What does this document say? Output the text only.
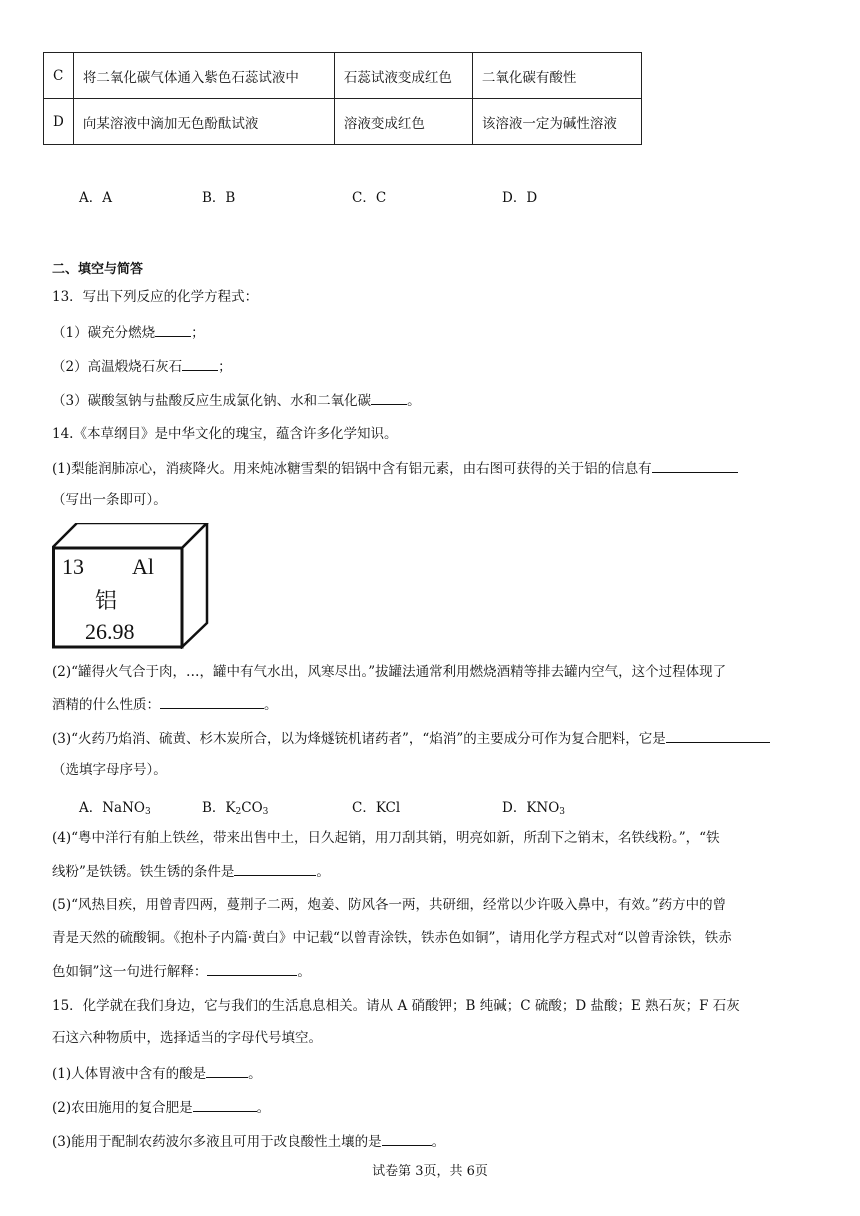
C	将二氧化碳气体通入紫色石蕊试液中	石蕊试液变成红色	二氧化碳有酸性
D	向某溶液中滴加无色酚酞试液	溶液变成红色	该溶液一定为碱性溶液
A．A	B．B	C．C	D．D
二、填空与简答
13．写出下列反应的化学方程式：
（1）碳充分燃烧	；
（2）高温煅烧石灰石	；
（3）碳酸氢钠与盐酸反应生成氯化钠、水和二氧化碳	。
14.《本草纲目》是中华文化的瑰宝，蕴含许多化学知识。
(1)梨能润肺凉心，消痰降火。用来炖冰糖雪梨的铝锅中含有铝元素，由右图可获得的关于铝的信息有
（写出一条即可）。
13 Al
铝
26.98
(2)“罐得火气合于肉，…，罐中有气水出，风寒尽出。”拔罐法通常利用燃烧酒精等排去罐内空气，这个过程体现了
酒精的什么性质：	。
(3)“火药乃焰消、硫黄、杉木炭所合，以为烽燧铳机诸药者”，“焰消”的主要成分可作为复合肥料，它是
（选填字母序号）。
A．NaNO$_3$	B．$K_2CO_3$	C．KCl	D．$KNO_3$
(4)“粤中洋行有舶上铁丝，带来出售中土，日久起销，用刀刮其销，明亮如新，所刮下之销末，名铁线粉。”，“铁
线粉”是铁锈。铁生锈的条件是	。
(5)“风热目疾，用曾青四两，蔓荆子二两，炮姜、防风各一两，共研细，经常以少许吸入鼻中，有效。”药方中的曾
青是天然的硫酸铜。《抱朴子内篇·黄白》中记载“以曾青涂铁，铁赤色如铜”，请用化学方程式对“以曾青涂铁，铁赤
色如铜”这一句进行解释：	。
15．化学就在我们身边，它与我们的生活息息相关。请从 A 硝酸钾；B 纯碱；C 硫酸；D 盐酸；E 熟石灰；F 石灰
石这六种物质中，选择适当的字母代号填空。
(1)人体胃液中含有的酸是	。
(2)农田施用的复合肥是	。
(3)能用于配制农药波尔多液且可用于改良酸性土壤的是	。
试卷第 3页，共 6页
